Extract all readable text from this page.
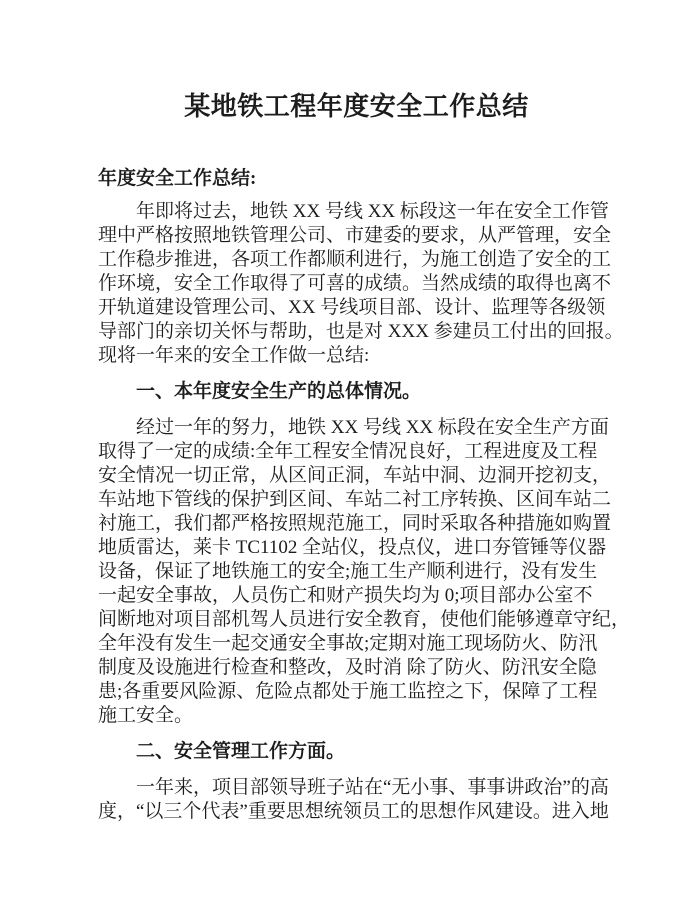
某地铁工程年度安全工作总结
年度安全工作总结:
年即将过去，地铁 XX 号线 XX 标段这一年在安全工作管
理中严格按照地铁管理公司、市建委的要求，从严管理，安全
工作稳步推进，各项工作都顺利进行，为施工创造了安全的工
作环境，安全工作取得了可喜的成绩。当然成绩的取得也离不
开轨道建设管理公司、XX 号线项目部、设计、监理等各级领
导部门的亲切关怀与帮助，也是对 XXX 参建员工付出的回报。
现将一年来的安全工作做一总结:
一、本年度安全生产的总体情况。
经过一年的努力，地铁 XX 号线 XX 标段在安全生产方面
取得了一定的成绩:全年工程安全情况良好，工程进度及工程
安全情况一切正常，从区间正洞，车站中洞、边洞开挖初支，
车站地下管线的保护到区间、车站二衬工序转换、区间车站二
衬施工，我们都严格按照规范施工，同时采取各种措施如购置
地质雷达，莱卡 TC1102 全站仪，投点仪，进口夯管锤等仪器
设备，保证了地铁施工的安全;施工生产顺利进行，没有发生
一起安全事故，人员伤亡和财产损失均为 0;项目部办公室不
间断地对项目部机驾人员进行安全教育，使他们能够遵章守纪，
全年没有发生一起交通安全事故;定期对施工现场防火、防汛
制度及设施进行检查和整改，及时消 除了防火、防汛安全隐
患;各重要风险源、危险点都处于施工监控之下，保障了工程
施工安全。
二、安全管理工作方面。
一年来，项目部领导班子站在“无小事、事事讲政治”的高
度，“以三个代表”重要思想统领员工的思想作风建设。进入地
